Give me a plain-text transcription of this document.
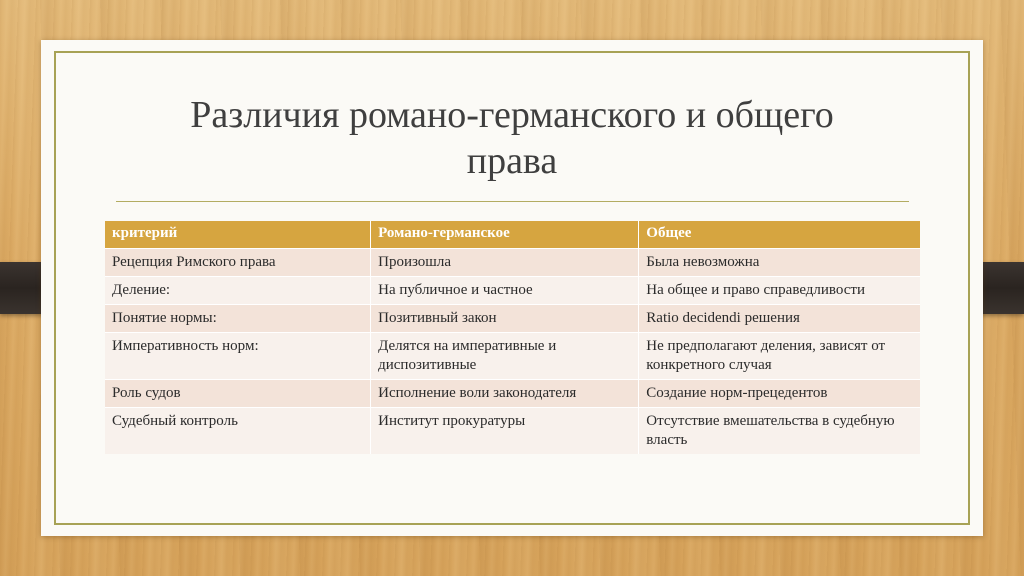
Различия романо-германского и общего
права
критерий	Романо-германское	Общее
Рецепция Римского права	Произошла	Была невозможна
Деление:	На публичное и частное	На общее и право справедливости
Понятие нормы:	Позитивный закон	Ratio decidendi решения
Императивность норм:	Делятся на императивные и диспозитивные	Не предполагают деления, зависят от конкретного случая
Роль судов	Исполнение воли законодателя	Создание норм-прецедентов
Судебный контроль	Институт прокуратуры	Отсутствие вмешательства в судебную власть
